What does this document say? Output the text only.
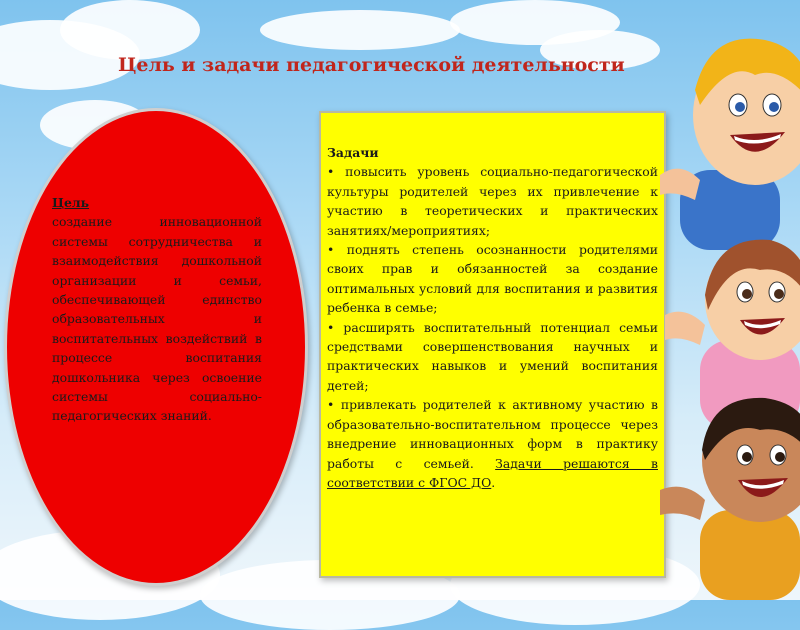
Цель и задачи педагогической деятельности
Цель
создание инновационной системы сотрудничества и взаимодействия дошкольной организации и семьи, обеспечивающей единство образовательных и воспитательных воздействий в процессе воспитания дошкольника через освоение системы социально-педагогических знаний.

Задачи

• повысить уровень социально-педагогической культуры родителей через их привлечение к участию в теоретических и практических занятиях/мероприятиях;

• поднять степень осознанности родителями своих прав и обязанностей за создание оптимальных условий для воспитания и развития ребенка в семье;

• расширять воспитательный потенциал семьи средствами совершенствования научных и практических навыков и умений воспитания детей;

• привлекать родителей к активному участию в образовательно-воспитательном процессе через внедрение инновационных форм в практику работы с семьей. Задачи решаются в соответствии с ФГОС ДО.
